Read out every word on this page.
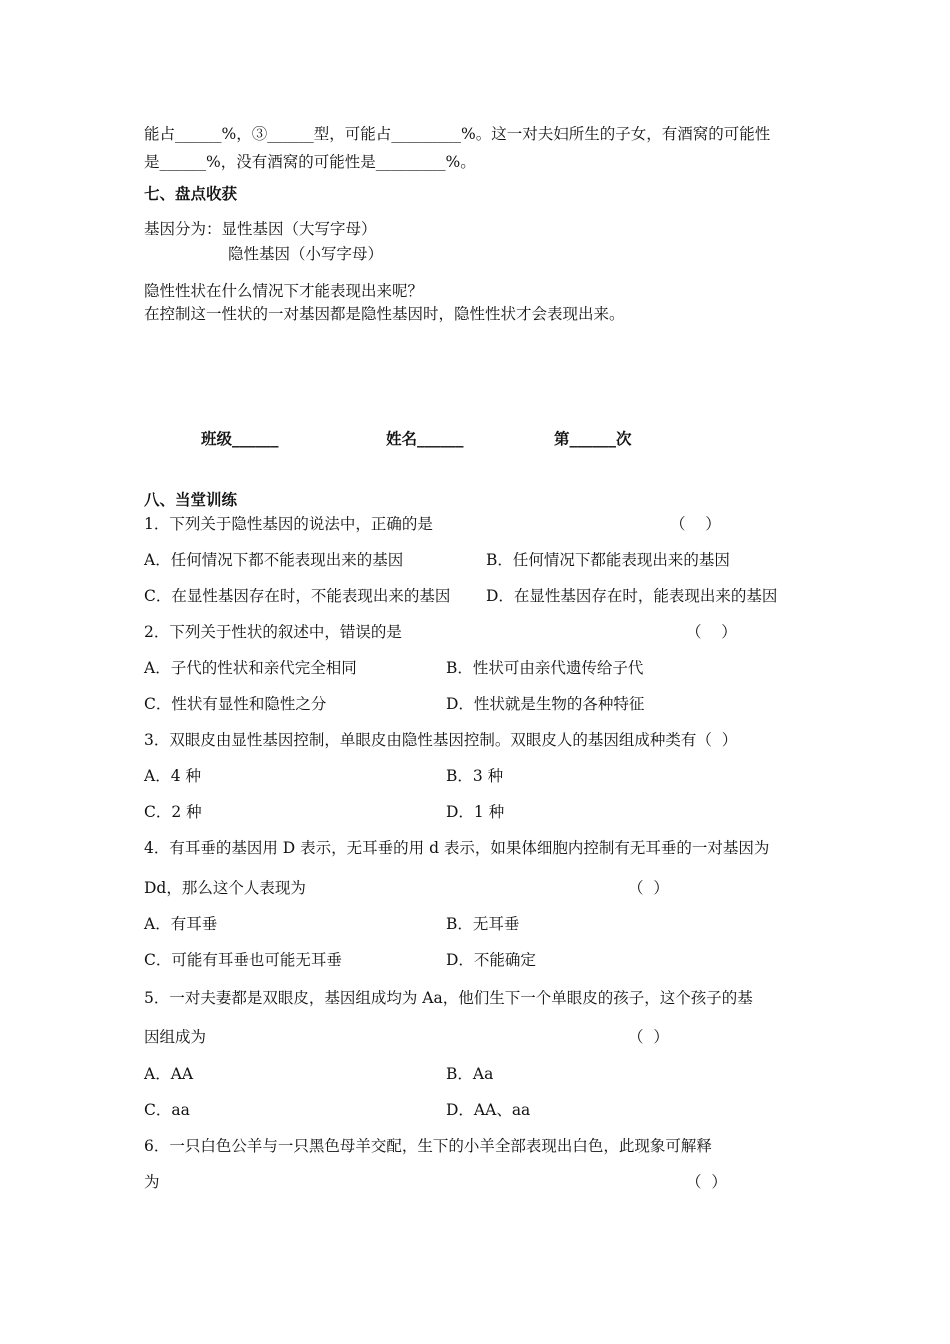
能占______%，③______型，可能占_________%。这一对夫妇所生的子女，有酒窝的可能性
是______%，没有酒窝的可能性是_________%。
七、盘点收获
基因分为：显性基因（大写字母）
隐性基因（小写字母）
隐性性状在什么情况下才能表现出来呢？
在控制这一性状的一对基因都是隐性基因时，隐性性状才会表现出来。
班级______	姓名______	第______次
八、当堂训练
1．下列关于隐性基因的说法中，正确的是	（    ）
A．任何情况下都不能表现出来的基因	B．任何情况下都能表现出来的基因
C．在显性基因存在时，不能表现出来的基因 D．在显性基因存在时，能表现出来的基因
2．下列关于性状的叙述中，错误的是	（    ）
A．子代的性状和亲代完全相同	B．性状可由亲代遗传给子代
C．性状有显性和隐性之分	D．性状就是生物的各种特征
3．双眼皮由显性基因控制，单眼皮由隐性基因控制。双眼皮人的基因组成种类有（  ）
A．4 种	B．3 种
C．2 种	D．1 种
4．有耳垂的基因用 D 表示，无耳垂的用 d 表示，如果体细胞内控制有无耳垂的一对基因为
Dd，那么这个人表现为	（  ）
A．有耳垂	B．无耳垂
C．可能有耳垂也可能无耳垂	D．不能确定
5．一对夫妻都是双眼皮，基因组成均为 Aa，他们生下一个单眼皮的孩子，这个孩子的基
因组成为	（  ）
A．AA	B．Aa
C．aa	D．AA、aa
6．一只白色公羊与一只黑色母羊交配，生下的小羊全部表现出白色，此现象可解释
为	（  ）
